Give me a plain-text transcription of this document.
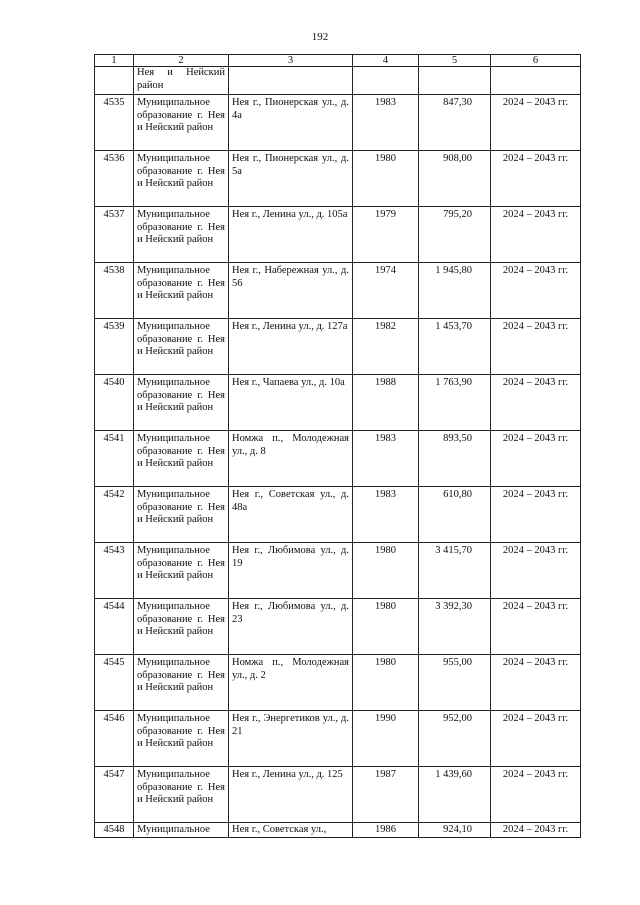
192
1	2	3	4	5	6
	Нея и Нейский район				
4535	Муниципальное образование г. Нея и Нейский район	Нея г., Пионерская ул., д. 4а	1983	847,30	2024 – 2043 гг.
4536	Муниципальное образование г. Нея и Нейский район	Нея г., Пионерская ул., д. 5а	1980	908,00	2024 – 2043 гг.
4537	Муниципальное образование г. Нея и Нейский район	Нея г., Ленина ул., д. 105а	1979	795,20	2024 – 2043 гг.
4538	Муниципальное образование г. Нея и Нейский район	Нея г., Набережная ул., д. 56	1974	1 945,80	2024 – 2043 гг.
4539	Муниципальное образование г. Нея и Нейский район	Нея г., Ленина ул., д. 127а	1982	1 453,70	2024 – 2043 гг.
4540	Муниципальное образование г. Нея и Нейский район	Нея г., Чапаева ул., д. 10а	1988	1 763,90	2024 – 2043 гг.
4541	Муниципальное образование г. Нея и Нейский район	Номжа п., Молодежная ул., д. 8	1983	893,50	2024 – 2043 гг.
4542	Муниципальное образование г. Нея и Нейский район	Нея г., Советская ул., д. 48а	1983	610,80	2024 – 2043 гг.
4543	Муниципальное образование г. Нея и Нейский район	Нея г., Любимова ул., д. 19	1980	3 415,70	2024 – 2043 гг.
4544	Муниципальное образование г. Нея и Нейский район	Нея г., Любимова ул., д. 23	1980	3 392,30	2024 – 2043 гг.
4545	Муниципальное образование г. Нея и Нейский район	Номжа п., Молодежная ул., д. 2	1980	955,00	2024 – 2043 гг.
4546	Муниципальное образование г. Нея и Нейский район	Нея г., Энергетиков ул., д. 21	1990	952,00	2024 – 2043 гг.
4547	Муниципальное образование г. Нея и Нейский район	Нея г., Ленина ул., д. 125	1987	1 439,60	2024 – 2043 гг.
4548	Муниципальное	Нея г., Советская ул.,	1986	924,10	2024 – 2043 гг.
